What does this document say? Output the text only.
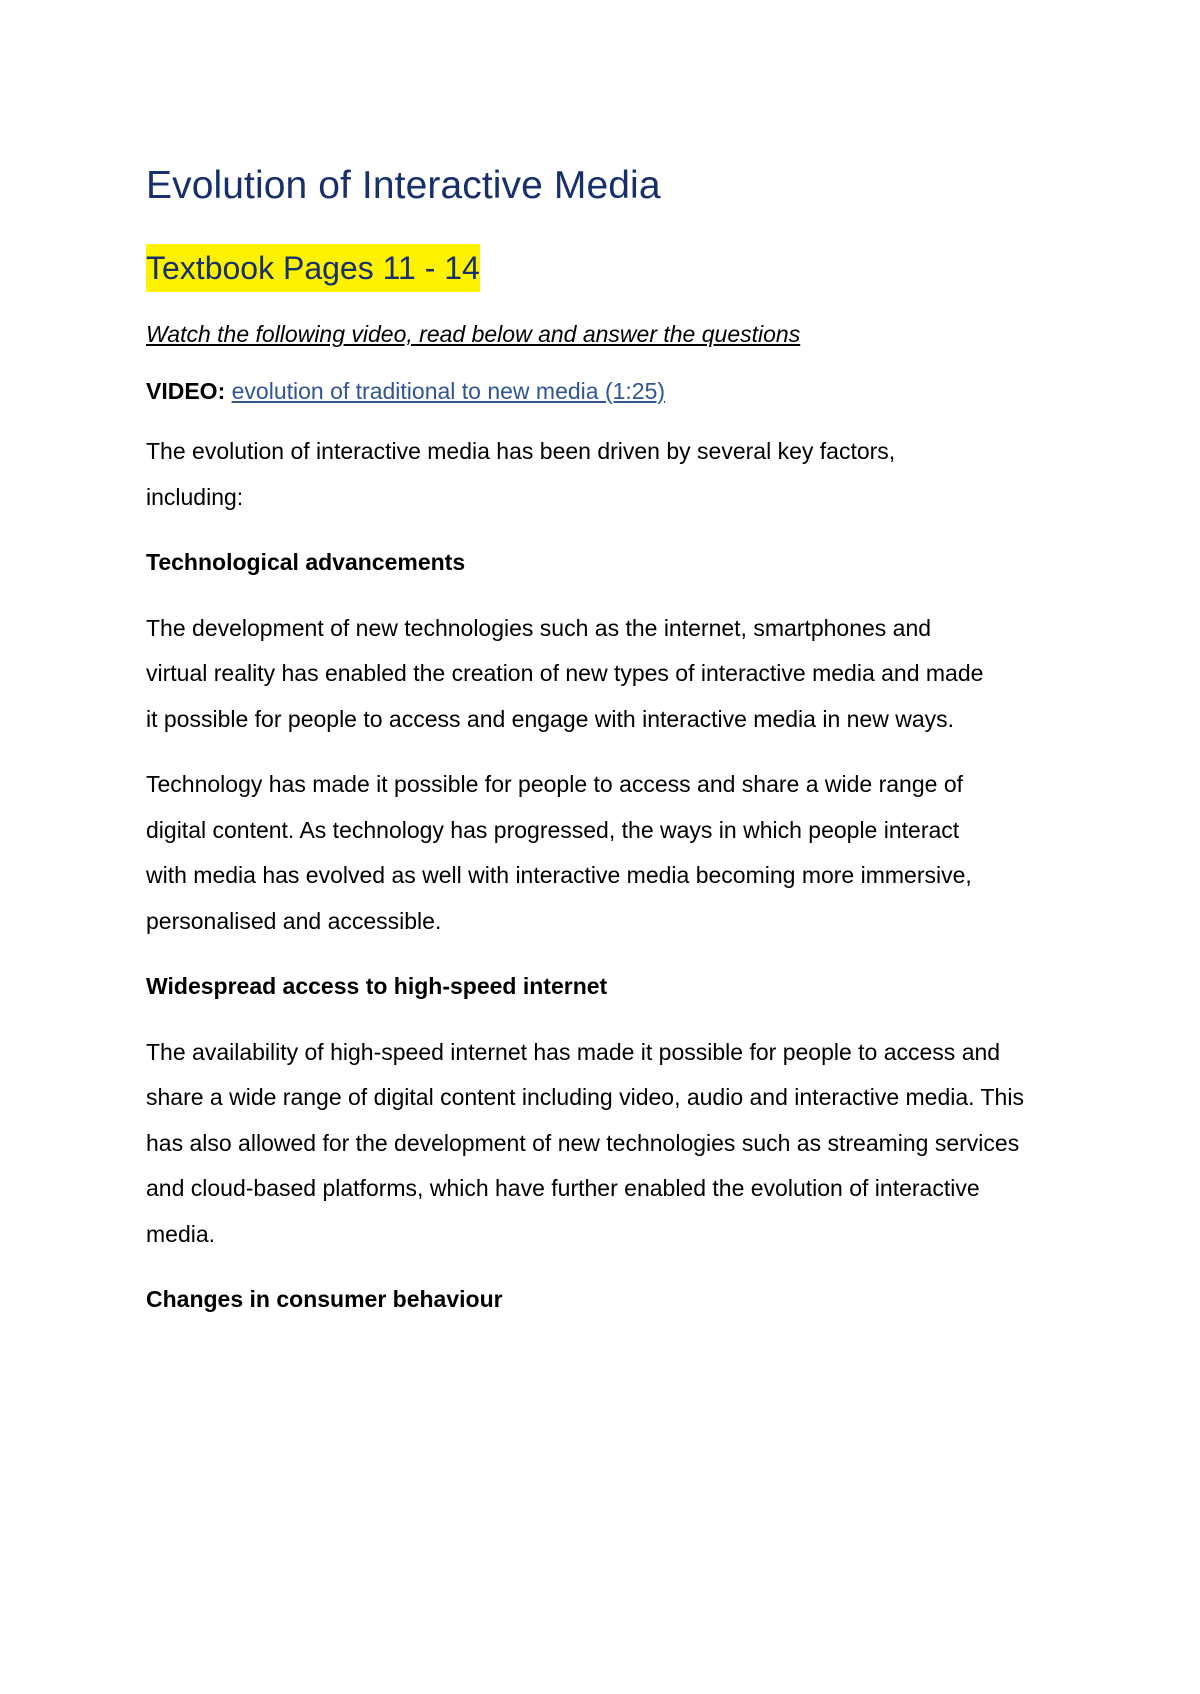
Evolution of Interactive Media
Textbook Pages 11 - 14

Watch the following video, read below and answer the questions

VIDEO: evolution of traditional to new media (1:25)

The evolution of interactive media has been driven by several key factors, including:

Technological advancements

The development of new technologies such as the internet, smartphones and virtual reality has enabled the creation of new types of interactive media and made it possible for people to access and engage with interactive media in new ways.

Technology has made it possible for people to access and share a wide range of digital content. As technology has progressed, the ways in which people interact with media has evolved as well with interactive media becoming more immersive, personalised and accessible.

Widespread access to high-speed internet

The availability of high-speed internet has made it possible for people to access and share a wide range of digital content including video, audio and interactive media. This has also allowed for the development of new technologies such as streaming services and cloud-based platforms, which have further enabled the evolution of interactive media.

Changes in consumer behaviour
